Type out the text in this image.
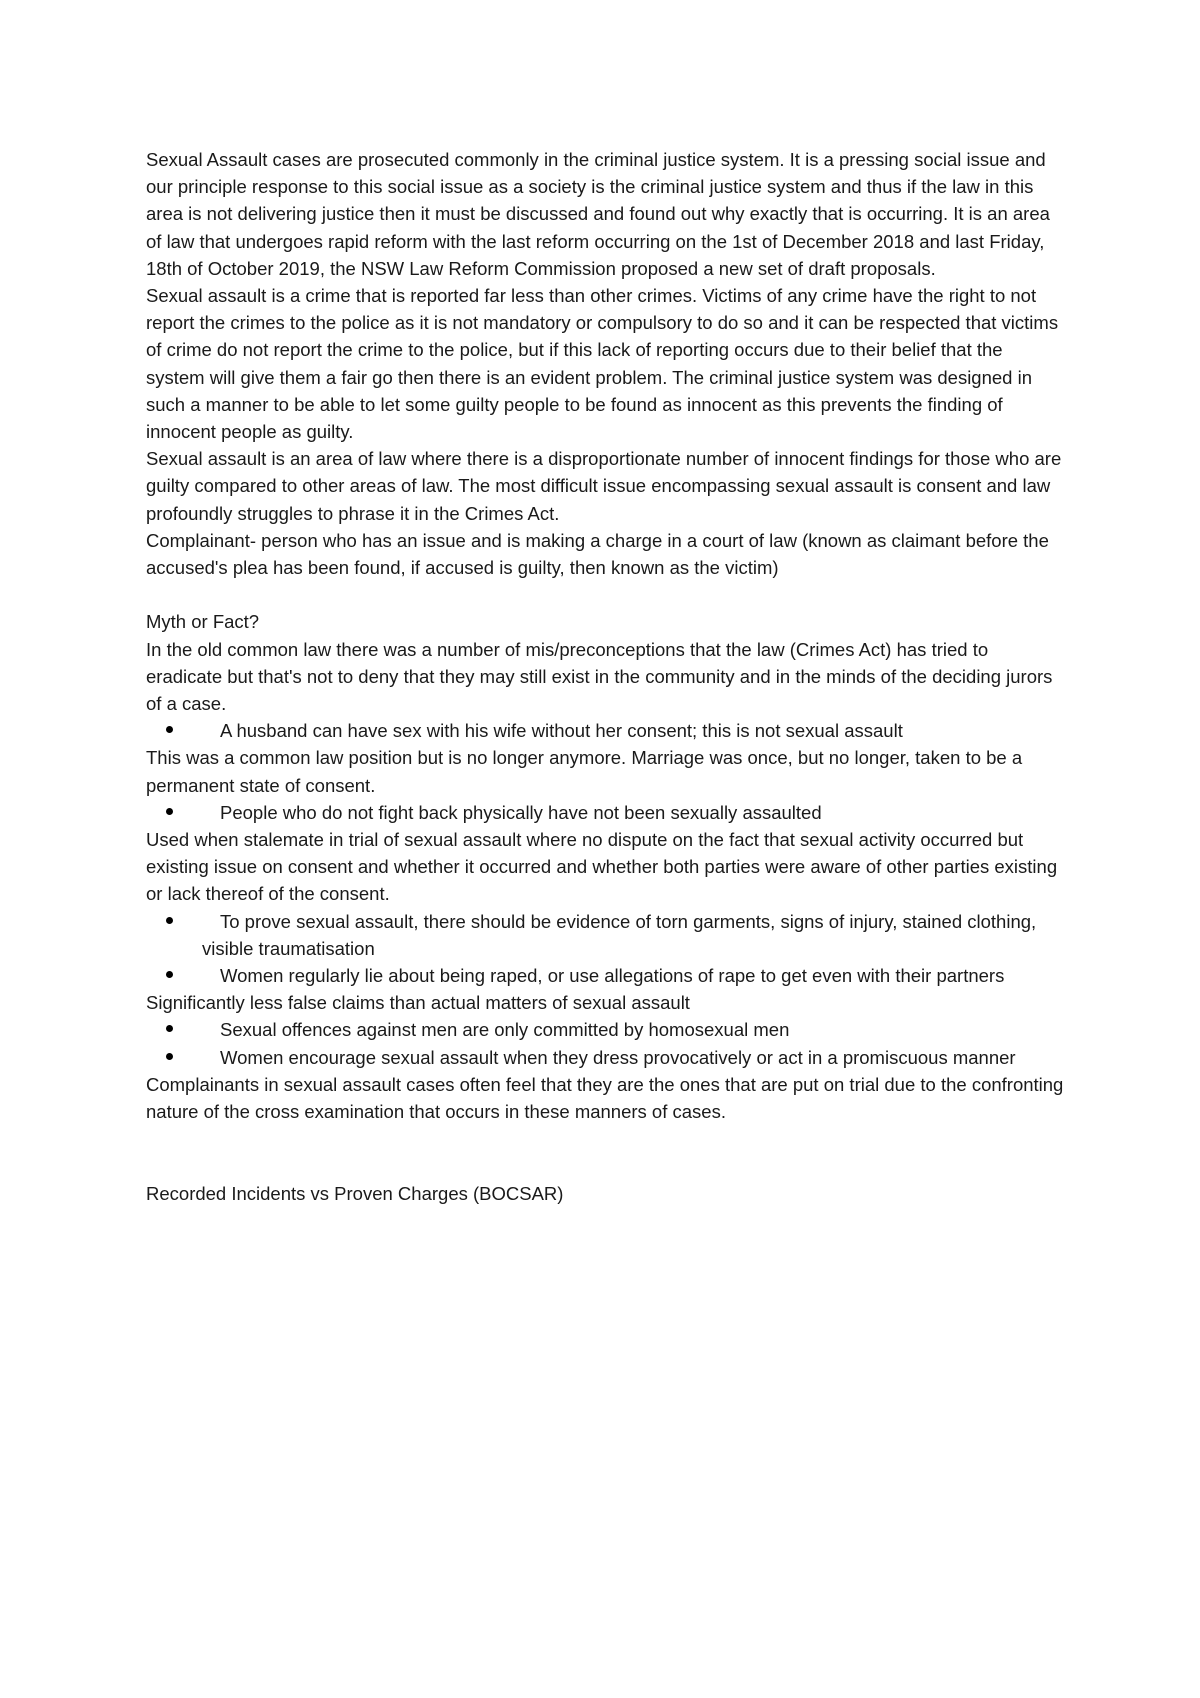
Sexual Assault cases are prosecuted commonly in the criminal justice system. It is a pressing social issue and our principle response to this social issue as a society is the criminal justice system and thus if the law in this area is not delivering justice then it must be discussed and found out why exactly that is occurring. It is an area of law that undergoes rapid reform with the last reform occurring on the 1st of December 2018 and last Friday, 18th of October 2019, the NSW Law Reform Commission proposed a new set of draft proposals.

Sexual assault is a crime that is reported far less than other crimes. Victims of any crime have the right to not report the crimes to the police as it is not mandatory or compulsory to do so and it can be respected that victims of crime do not report the crime to the police, but if this lack of reporting occurs due to their belief that the system will give them a fair go then there is an evident problem. The criminal justice system was designed in such a manner to be able to let some guilty people to be found as innocent as this prevents the finding of innocent people as guilty.

Sexual assault is an area of law where there is a disproportionate number of innocent findings for those who are guilty compared to other areas of law. The most difficult issue encompassing sexual assault is consent and law profoundly struggles to phrase it in the Crimes Act.

Complainant- person who has an issue and is making a charge in a court of law (known as claimant before the accused's plea has been found, if accused is guilty, then known as the victim)

Myth or Fact?

In the old common law there was a number of mis/preconceptions that the law (Crimes Act) has tried to eradicate but that's not to deny that they may still exist in the community and in the minds of the deciding jurors of a case.

A husband can have sex with his wife without her consent; this is not sexual assault

This was a common law position but is no longer anymore. Marriage was once, but no longer, taken to be a permanent state of consent.

People who do not fight back physically have not been sexually assaulted

Used when stalemate in trial of sexual assault where no dispute on the fact that sexual activity occurred but existing issue on consent and whether it occurred and whether both parties were aware of other parties existing or lack thereof of the consent.

To prove sexual assault, there should be evidence of torn garments, signs of injury, stained clothing, visible traumatisation
Women regularly lie about being raped, or use allegations of rape to get even with their partners

Significantly less false claims than actual matters of sexual assault

Sexual offences against men are only committed by homosexual men
Women encourage sexual assault when they dress provocatively or act in a promiscuous manner

Complainants in sexual assault cases often feel that they are the ones that are put on trial due to the confronting nature of the cross examination that occurs in these manners of cases.

Recorded Incidents vs Proven Charges (BOCSAR)
